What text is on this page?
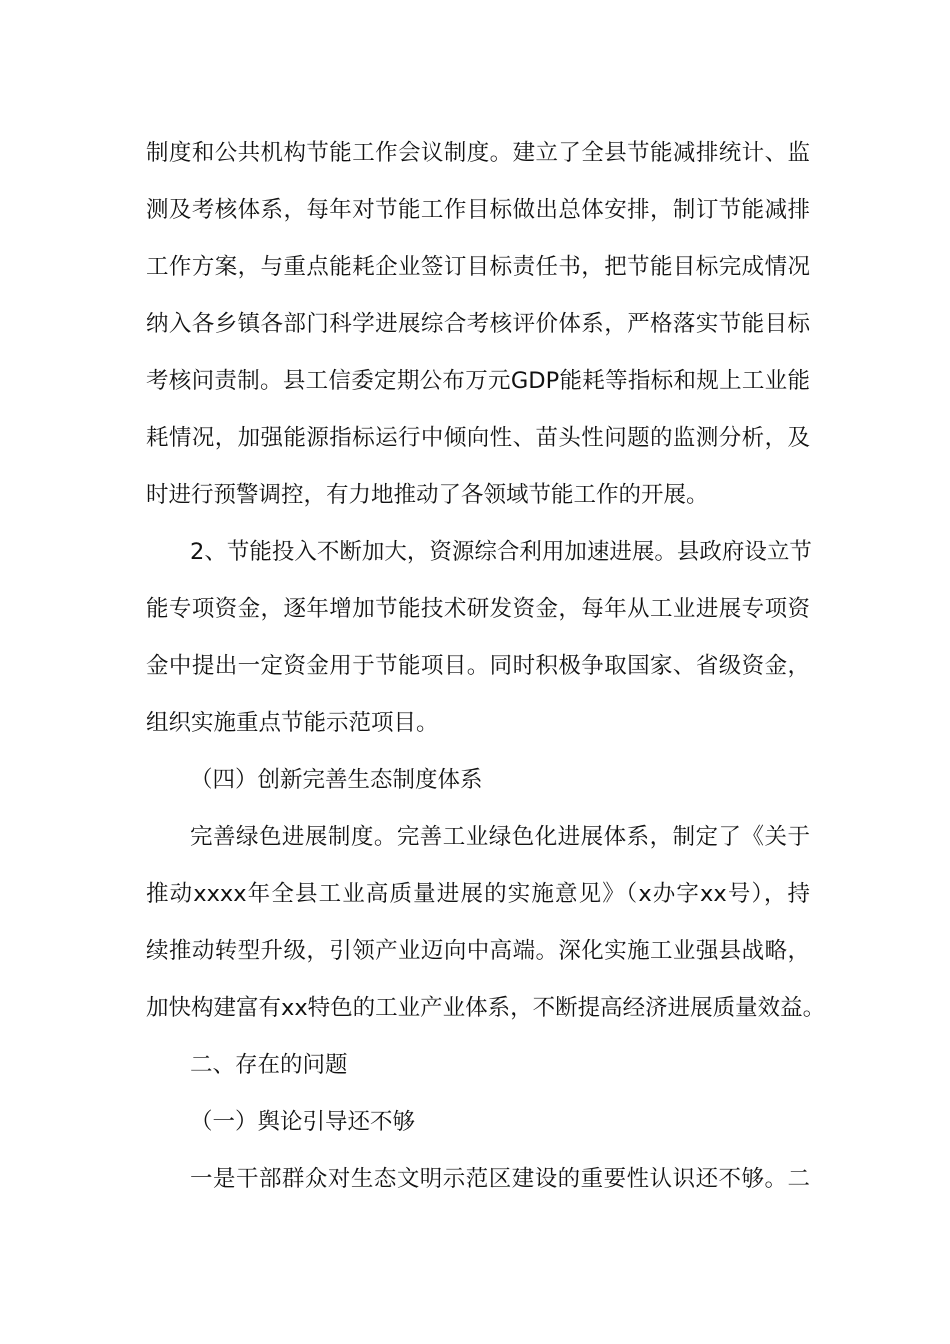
制度和公共机构节能工作会议制度。建立了全县节能减排统计、监
测及考核体系，每年对节能工作目标做出总体安排，制订节能减排
工作方案，与重点能耗企业签订目标责任书，把节能目标完成情况
纳入各乡镇各部门科学进展综合考核评价体系，严格落实节能目标
考核问责制。县工信委定期公布万元GDP能耗等指标和规上工业能
耗情况，加强能源指标运行中倾向性、苗头性问题的监测分析，及
时进行预警调控，有力地推动了各领域节能工作的开展。
2、节能投入不断加大，资源综合利用加速进展。县政府设立节
能专项资金，逐年增加节能技术研发资金，每年从工业进展专项资
金中提出一定资金用于节能项目。同时积极争取国家、省级资金，
组织实施重点节能示范项目。
（四）创新完善生态制度体系
完善绿色进展制度。完善工业绿色化进展体系，制定了《关于
推动xxxx年全县工业高质量进展的实施意见》（x办字xx号），持
续推动转型升级，引领产业迈向中高端。深化实施工业强县战略，
加快构建富有xx特色的工业产业体系，不断提高经济进展质量效益。
二、存在的问题
（一）舆论引导还不够
一是干部群众对生态文明示范区建设的重要性认识还不够。二
